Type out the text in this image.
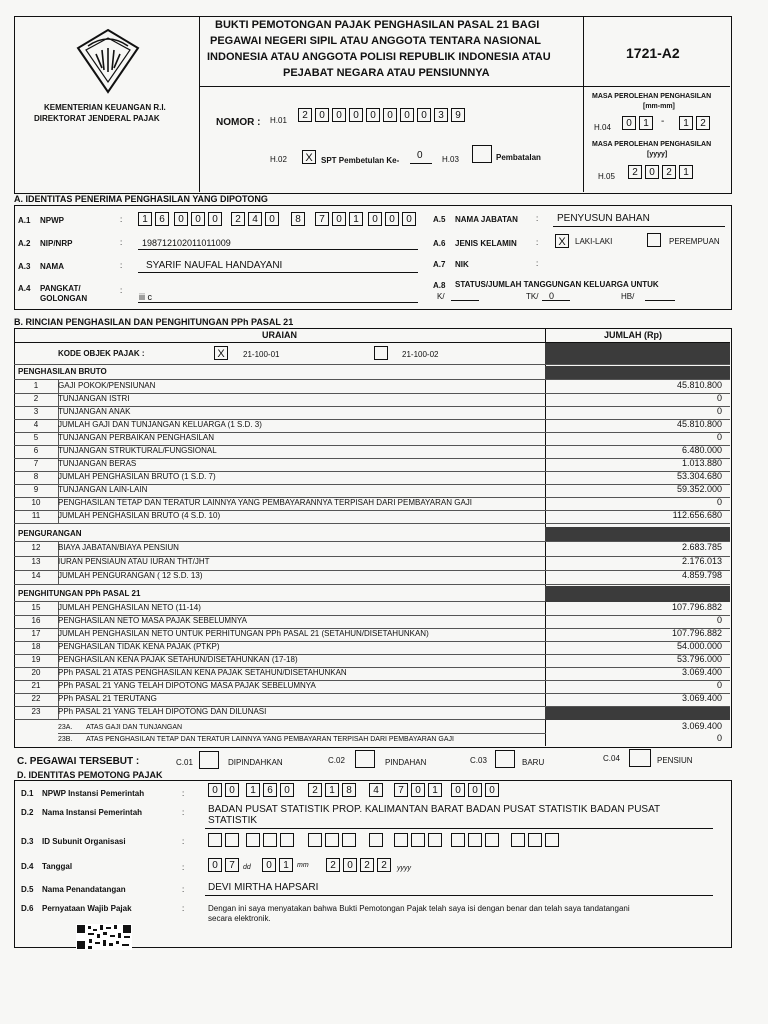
KEMENTERIAN KEUANGAN R.I.
DIREKTORAT JENDERAL PAJAK
BUKTI PEMOTONGAN PAJAK PENGHASILAN PASAL 21 BAGI
PEGAWAI NEGERI SIPIL ATAU ANGGOTA TENTARA NASIONAL
INDONESIA ATAU ANGGOTA POLISI REPUBLIK INDONESIA ATAU
PEJABAT NEGARA ATAU PENSIUNNYA
1721-A2
NOMOR : H.01	2	0	0	0	0	0	0	0	3	9
H.02	X	SPT Pembetulan Ke- 0 H.03	Pembatalan
MASA PEROLEHAN PENGHASILAN
[mm-mm]
H.04	0	1	-	1	2
MASA PEROLEHAN PENGHASILAN
[yyyy]
H.05	2	0	2	1
A. IDENTITAS PENERIMA PENGHASILAN YANG DIPOTONG
A.1 NPWP	:	1	6	0	0	0	2	4	0	8	7	0	1	0	0	0
A.2 NIP/NRP	: 198712102011011009
A.3 NAMA	: SYARIF NAUFAL HANDAYANI
A.4 PANGKAT/
GOLONGAN
:
iii c
A.5 NAMA JABATAN : PENYUSUN BAHAN
A.6 JENIS KELAMIN :	X	LAKI-LAKI	PEREMPUAN
A.7 NIK	:
A.8 STATUS/JUMLAH TANGGUNGAN KELUARGA UNTUK
K/	TK/ 0	HB/
B. RINCIAN PENGHASILAN DAN PENGHITUNGAN PPh PASAL 21
URAIAN	JUMLAH (Rp)
KODE OBJEK PAJAK :	X	21-100-01	21-100-02
PENGHASILAN BRUTO
1	GAJI POKOK/PENSIUNAN	45.810.800
2	TUNJANGAN ISTRI	0
3	TUNJANGAN ANAK	0
4	JUMLAH GAJI DAN TUNJANGAN KELUARGA (1 S.D. 3)	45.810.800
5	TUNJANGAN PERBAIKAN PENGHASILAN	0
6	TUNJANGAN STRUKTURAL/FUNGSIONAL	6.480.000
7	TUNJANGAN BERAS	1.013.880
8	JUMLAH PENGHASILAN BRUTO (1 S.D. 7)	53.304.680
9	TUNJANGAN LAIN-LAIN	59.352.000
10	PENGHASILAN TETAP DAN TERATUR LAINNYA YANG PEMBAYARANNYA TERPISAH DARI PEMBAYARAN GAJI	0
11	JUMLAH PENGHASILAN BRUTO (4 S.D. 10)	112.656.680
PENGURANGAN
12	BIAYA JABATAN/BIAYA PENSIUN	2.683.785
13	IURAN PENSIAUN ATAU IURAN THT/JHT	2.176.013
14	JUMLAH PENGURANGAN ( 12 S.D. 13)	4.859.798
PENGHITUNGAN PPh PASAL 21
15	JUMLAH PENGHASILAN NETO (11-14)	107.796.882
16	PENGHASILAN NETO MASA PAJAK SEBELUMNYA	0
17	JUMLAH PENGHASILAN NETO UNTUK PERHITUNGAN PPh PASAL 21 (SETAHUN/DISETAHUNKAN)	107.796.882
18	PENGHASILAN TIDAK KENA PAJAK (PTKP)	54.000.000
19	PENGHASILAN KENA PAJAK SETAHUN/DISETAHUNKAN (17-18)	53.796.000
20	PPh PASAL 21 ATAS PENGHASILAN KENA PAJAK SETAHUN/DISETAHUNKAN	3.069.400
21	PPh PASAL 21 YANG TELAH DIPOTONG MASA PAJAK SEBELUMNYA	0
22	PPh PASAL 21 TERUTANG	3.069.400
23	PPh PASAL 21 YANG TELAH DIPOTONG DAN DILUNASI
23A. ATAS GAJI DAN TUNJANGAN	3.069.400
23B. ATAS PENGHASILAN TETAP DAN TERATUR LAINNYA YANG PEMBAYARAN TERPISAH DARI PEMBAYARAN GAJI	0
C. PEGAWAI TERSEBUT :	C.01	DIPINDAHKAN	C.02	PINDAHAN	C.03	BARU	C.04	PENSIUN
D. IDENTITAS PEMOTONG PAJAK
D.1 NPWP Instansi Pemerintah	:	0	0	1	6	0	2	1	8	4	7	0	1	0	0	0
D.2 Nama Instansi Pemerintah	: BADAN PUSAT STATISTIK PROP. KALIMANTAN BARAT BADAN PUSAT STATISTIK BADAN PUSAT
STATISTIK
D.3 ID Subunit Organisasi	:
D.4 Tanggal	:	0	7	dd	0	1	mm	2	0	2	2	yyyy
D.5 Nama Penandatangan	: DEVI MIRTHA HAPSARI
D.6 Pernyataan Wajib Pajak	:	Dengan ini saya menyatakan bahwa Bukti Pemotongan Pajak telah saya isi dengan benar dan telah saya tandatangani
secara elektronik.
